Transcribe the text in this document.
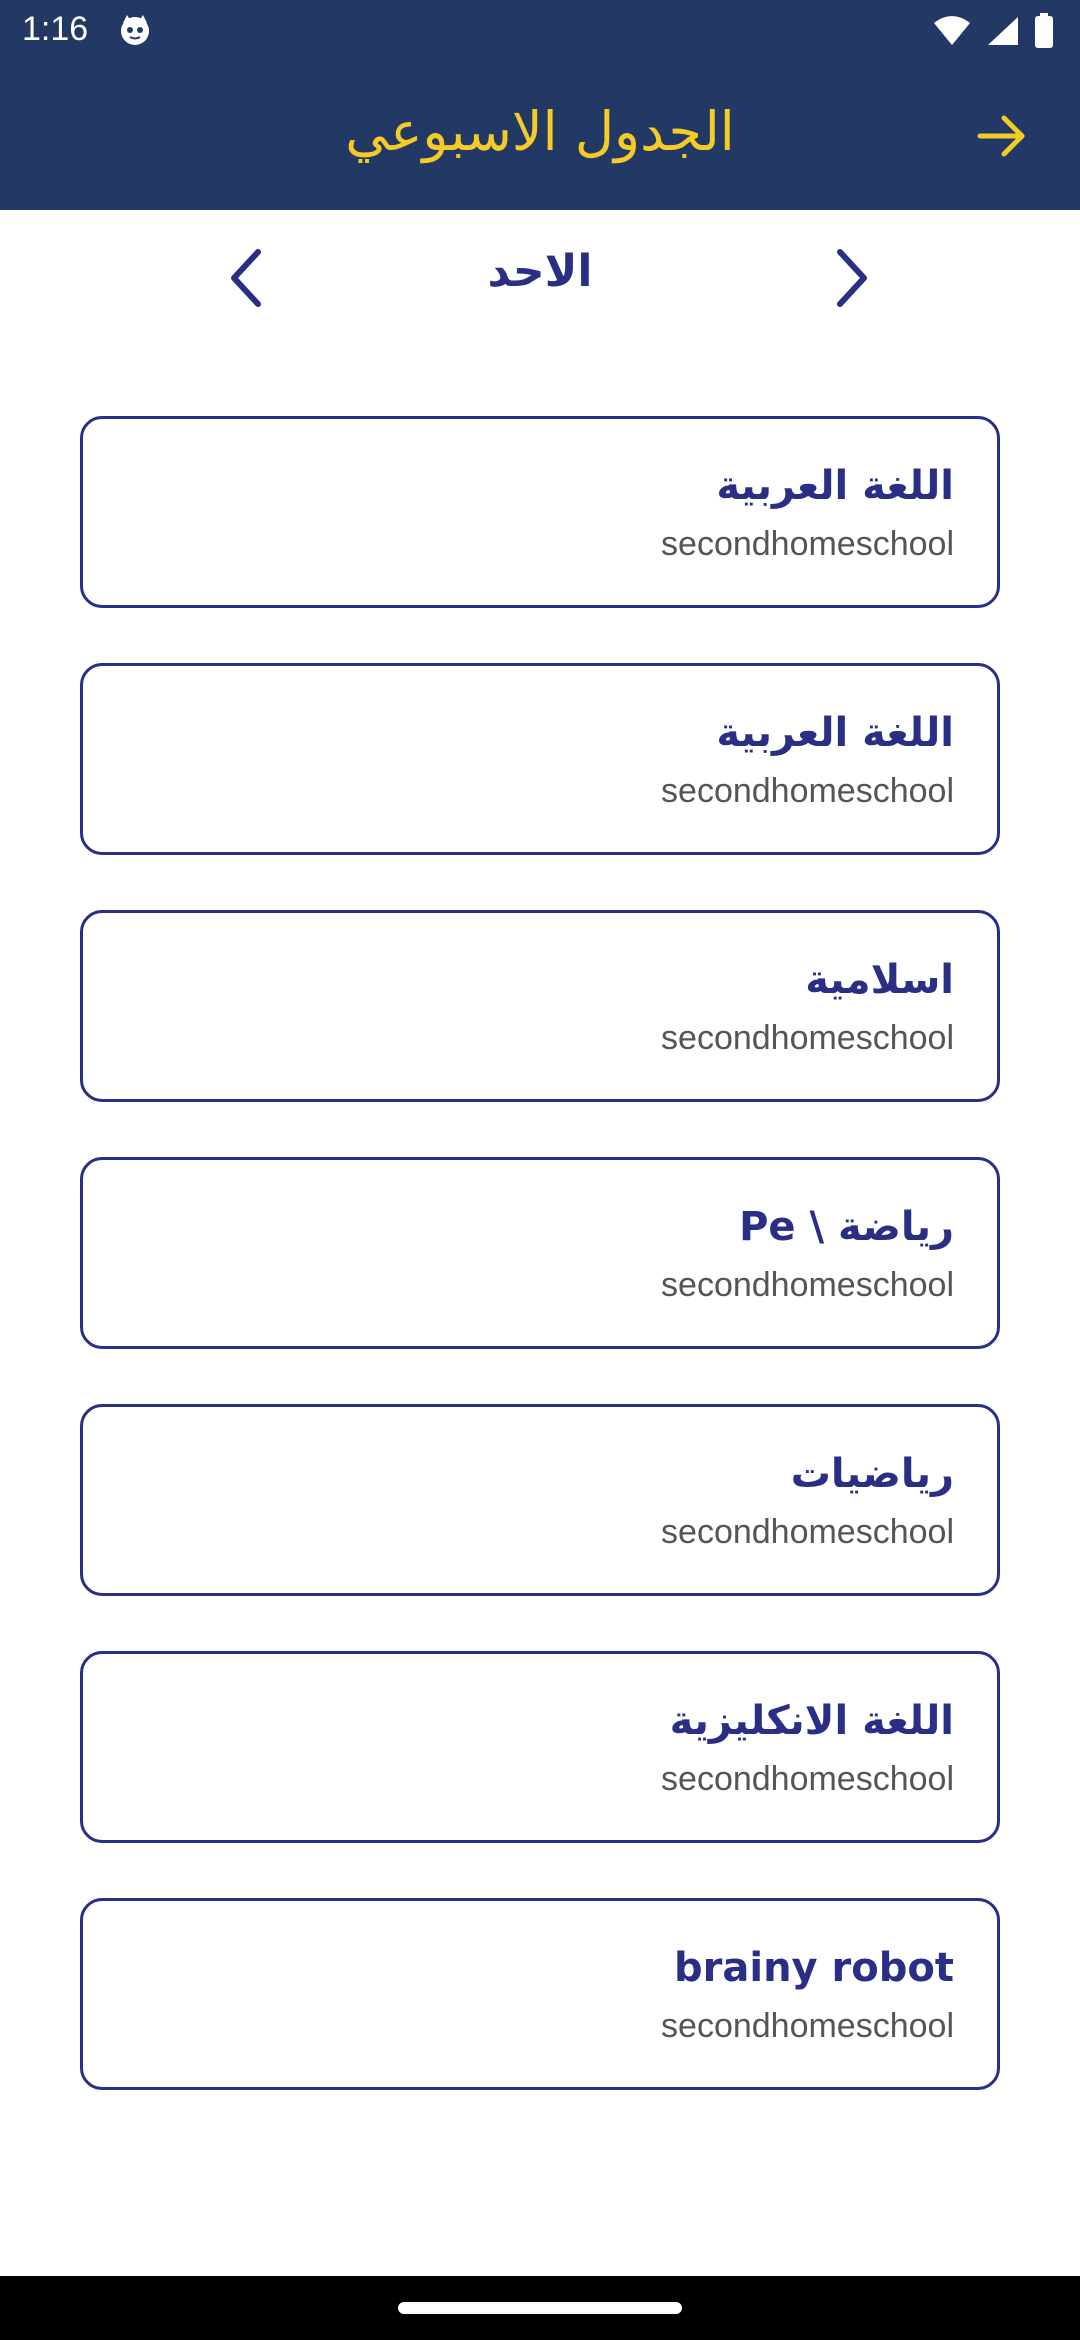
1:16
الجدول الاسبوعي
الاحد
اللغة العربية
secondhomeschool
اللغة العربية
secondhomeschool
اسلامية
secondhomeschool
رياضة \ Pe
secondhomeschool
رياضيات
secondhomeschool
اللغة الانكليزية
secondhomeschool
brainy robot
secondhomeschool
